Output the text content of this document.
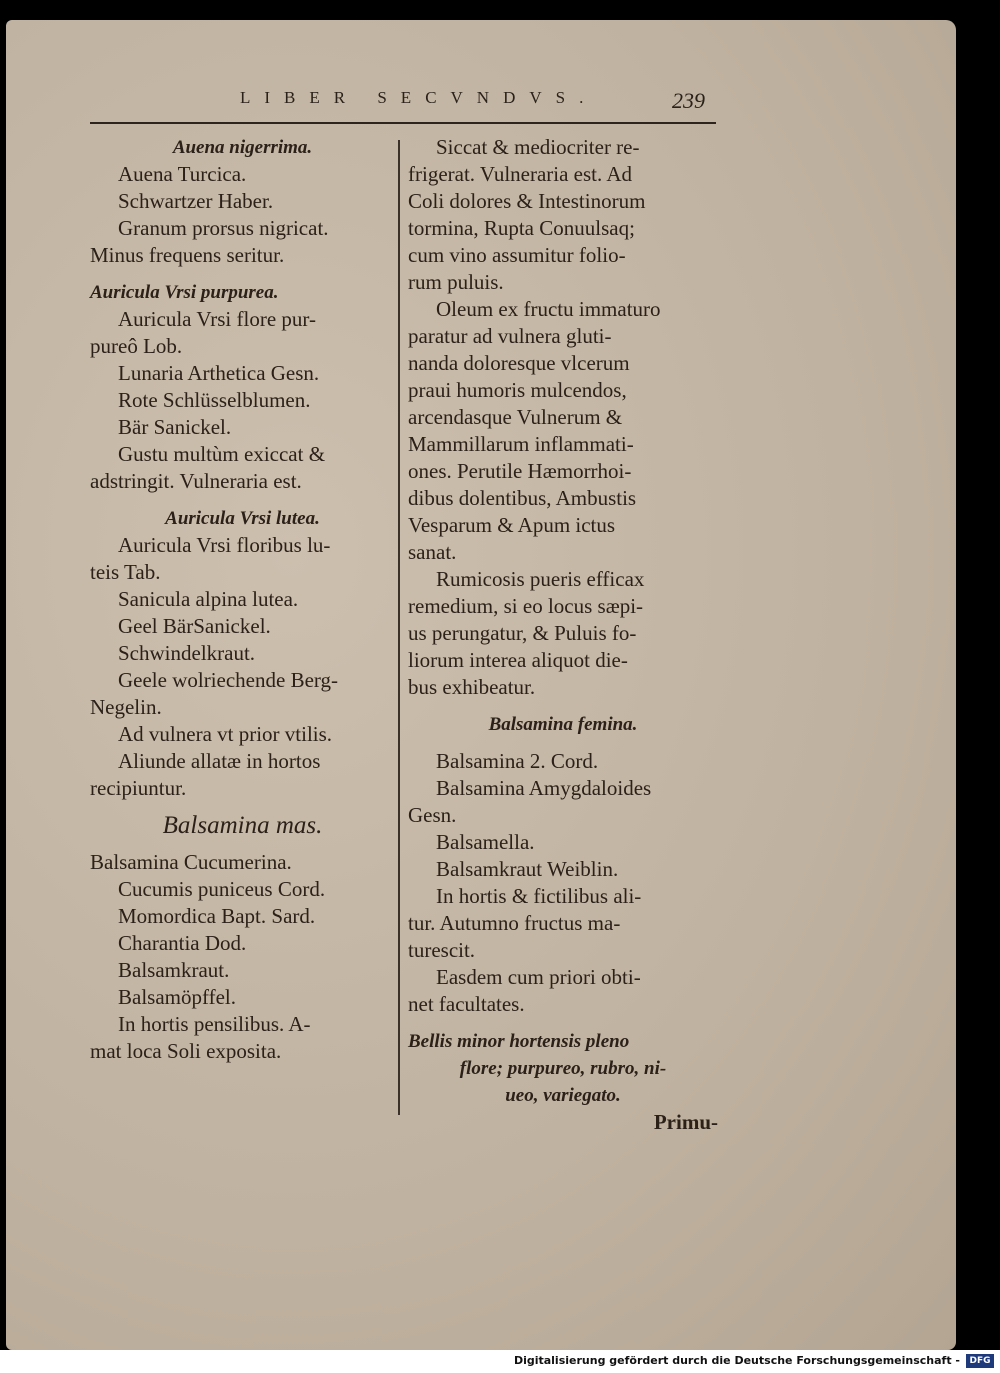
LIBER SECVNDVS.	239

Auena nigerrima.

Auena Turcica.

Schwartzer Haber.

Granum prorsus nigricat.

Minus frequens seritur.

Auricula Vrsi purpurea.

Auricula Vrsi flore pur-

pureô Lob.

Lunaria Arthetica Gesn.

Rote Schlüsselblumen.

Bär Sanickel.

Gustu multùm exiccat &

adstringit. Vulneraria est.

Auricula Vrsi lutea.

Auricula Vrsi floribus lu-

teis Tab.

Sanicula alpina lutea.

Geel BärSanickel.

Schwindelkraut.

Geele wolriechende Berg-

Negelin.

Ad vulnera vt prior vtilis.

Aliunde allatæ in hortos

recipiuntur.

Balsamina mas.

Balsamina Cucumerina.

Cucumis puniceus Cord.

Momordica Bapt. Sard.

Charantia Dod.

Balsamkraut.

Balsamöpffel.

In hortis pensilibus. A-

mat loca Soli exposita.

Siccat & mediocriter re-

frigerat. Vulneraria est. Ad

Coli dolores & Intestinorum

tormina, Rupta Conuulsaq;

cum vino assumitur folio-

rum puluis.

Oleum ex fructu immaturo

paratur ad vulnera gluti-

nanda doloresque vlcerum

praui humoris mulcendos,

arcendasque Vulnerum &

Mammillarum inflammati-

ones. Perutile Hæmorrhoi-

dibus dolentibus, Ambustis

Vesparum & Apum ictus

sanat.

Rumicosis pueris efficax

remedium, si eo locus sæpi-

us perungatur, & Puluis fo-

liorum interea aliquot die-

bus exhibeatur.

Balsamina femina.

Balsamina 2. Cord.

Balsamina Amygdaloides

Gesn.

Balsamella.

Balsamkraut Weiblin.

In hortis & fictilibus ali-

tur. Autumno fructus ma-

turescit.

Easdem cum priori obti-

net facultates.

Bellis minor hortensis pleno

flore; purpureo, rubro, ni-

ueo, variegato.

Primu-

Digitalisierung gefördert durch die Deutsche Forschungsgemeinschaft -	DFG
